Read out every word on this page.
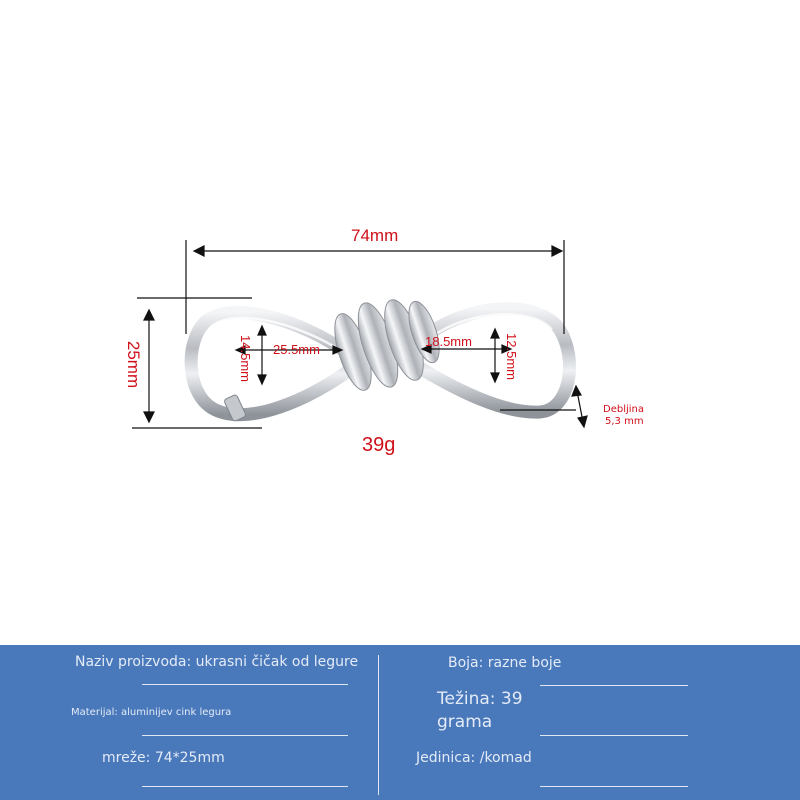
74mm
25mm	14.5mm 25.5mm
18.5mm 12.5mm
Debljina
5,3 mm
39g
Naziv proizvoda: ukrasni čičak od legure	Boja: razne boje
Materijal: aluminijev cink legura
Težina: 39 grama
mreže: 74*25mm	Jedinica: /komad
